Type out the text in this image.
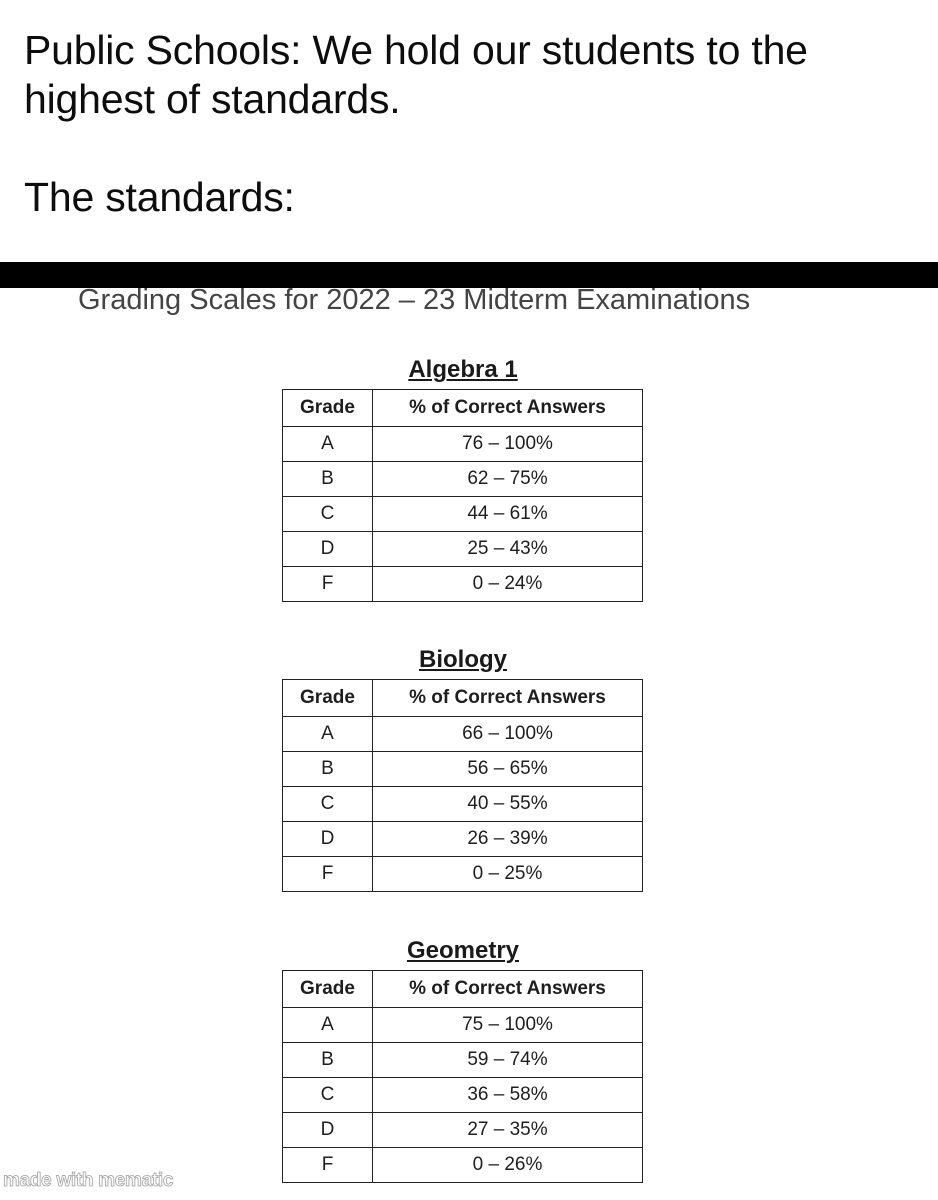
Public Schools: We hold our students to the
highest of standards.
The standards:
Grading Scales for 2022 – 23 Midterm Examinations
Algebra 1
Grade	% of Correct Answers
A	76 – 100%
B	62 – 75%
C	44 – 61%
D	25 – 43%
F	0 – 24%
Biology
Grade	% of Correct Answers
A	66 – 100%
B	56 – 65%
C	40 – 55%
D	26 – 39%
F	0 – 25%
Geometry
Grade	% of Correct Answers
A	75 – 100%
B	59 – 74%
C	36 – 58%
D	27 – 35%
F	0 – 26%
made with mematic
